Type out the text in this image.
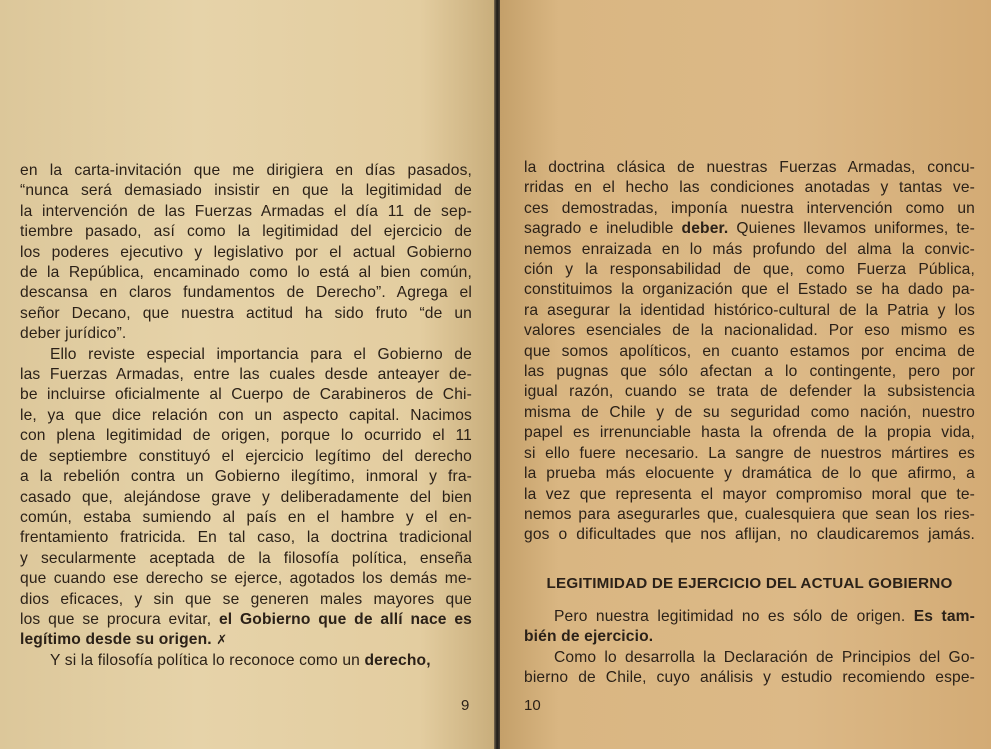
en la carta-invitación que me dirigiera en días pasados,
“nunca será demasiado insistir en que la legitimidad de
la intervención de las Fuerzas Armadas el día 11 de sep-
tiembre pasado, así como la legitimidad del ejercicio de
los poderes ejecutivo y legislativo por el actual Gobierno
de la República, encaminado como lo está al bien común,
descansa en claros fundamentos de Derecho”. Agrega el
señor Decano, que nuestra actitud ha sido fruto “de un
deber jurídico”.
Ello reviste especial importancia para el Gobierno de
las Fuerzas Armadas, entre las cuales desde anteayer de-
be incluirse oficialmente al Cuerpo de Carabineros de Chi-
le, ya que dice relación con un aspecto capital. Nacimos
con plena legitimidad de origen, porque lo ocurrido el 11
de septiembre constituyó el ejercicio legítimo del derecho
a la rebelión contra un Gobierno ilegítimo, inmoral y fra-
casado que, alejándose grave y deliberadamente del bien
común, estaba sumiendo al país en el hambre y el en-
frentamiento fratricida. En tal caso, la doctrina tradicional
y secularmente aceptada de la filosofía política, enseña
que cuando ese derecho se ejerce, agotados los demás me-
dios eficaces, y sin que se generen males mayores que
los que se procura evitar, el Gobierno que de allí nace es
legítimo desde su origen. ✗
Y si la filosofía política lo reconoce como un derecho,
9
la doctrina clásica de nuestras Fuerzas Armadas, concu-
rridas en el hecho las condiciones anotadas y tantas ve-
ces demostradas, imponía nuestra intervención como un
sagrado e ineludible deber. Quienes llevamos uniformes, te-
nemos enraizada en lo más profundo del alma la convic-
ción y la responsabilidad de que, como Fuerza Pública,
constituimos la organización que el Estado se ha dado pa-
ra asegurar la identidad histórico-cultural de la Patria y los
valores esenciales de la nacionalidad. Por eso mismo es
que somos apolíticos, en cuanto estamos por encima de
las pugnas que sólo afectan a lo contingente, pero por
igual razón, cuando se trata de defender la subsistencia
misma de Chile y de su seguridad como nación, nuestro
papel es irrenunciable hasta la ofrenda de la propia vida,
si ello fuere necesario. La sangre de nuestros mártires es
la prueba más elocuente y dramática de lo que afirmo, a
la vez que representa el mayor compromiso moral que te-
nemos para asegurarles que, cualesquiera que sean los ries-
gos o dificultades que nos aflijan, no claudicaremos jamás.
LEGITIMIDAD DE EJERCICIO DEL ACTUAL GOBIERNO
Pero nuestra legitimidad no es sólo de origen. Es tam-
bién de ejercicio.
Como lo desarrolla la Declaración de Principios del Go-
bierno de Chile, cuyo análisis y estudio recomiendo espe-
10
